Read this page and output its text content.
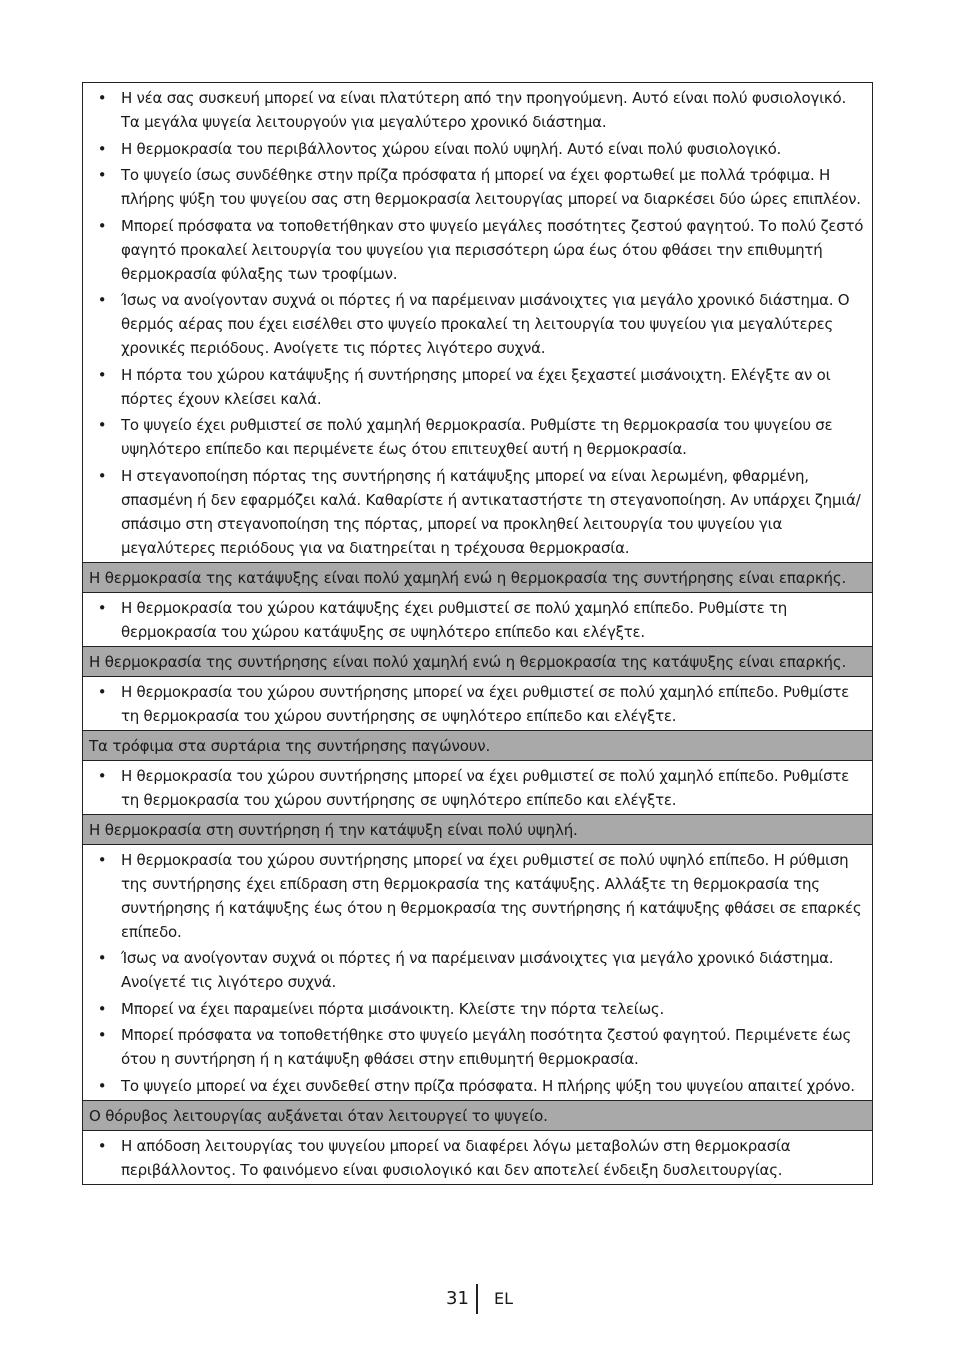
• Η νέα σας συσκευή μπορεί να είναι πλατύτερη από την προηγούμενη. Αυτό είναι πολύ φυσιολογικό. Τα μεγάλα ψυγεία λειτουργούν για μεγαλύτερο χρονικό διάστημα.
• Η θερμοκρασία του περιβάλλοντος χώρου είναι πολύ υψηλή. Αυτό είναι πολύ φυσιολογικό.
• Το ψυγείο ίσως συνδέθηκε στην πρίζα πρόσφατα ή μπορεί να έχει φορτωθεί με πολλά τρόφιμα. Η πλήρης ψύξη του ψυγείου σας στη θερμοκρασία λειτουργίας μπορεί να διαρκέσει δύο ώρες επιπλέον.
• Μπορεί πρόσφατα να τοποθετήθηκαν στο ψυγείο μεγάλες ποσότητες ζεστού φαγητού. Το πολύ ζεστό φαγητό προκαλεί λειτουργία του ψυγείου για περισσότερη ώρα έως ότου φθάσει την επιθυμητή θερμοκρασία φύλαξης των τροφίμων.
• Ίσως να ανοίγονταν συχνά οι πόρτες ή να παρέμειναν μισάνοιχτες για μεγάλο χρονικό διάστημα. Ο θερμός αέρας που έχει εισέλθει στο ψυγείο προκαλεί τη λειτουργία του ψυγείου για μεγαλύτερες χρονικές περιόδους. Ανοίγετε τις πόρτες λιγότερο συχνά.
• Η πόρτα του χώρου κατάψυξης ή συντήρησης μπορεί να έχει ξεχαστεί μισάνοιχτη. Ελέγξτε αν οι πόρτες έχουν κλείσει καλά.
• Το ψυγείο έχει ρυθμιστεί σε πολύ χαμηλή θερμοκρασία. Ρυθμίστε τη θερμοκρασία του ψυγείου σε υψηλότερο επίπεδο και περιμένετε έως ότου επιτευχθεί αυτή η θερμοκρασία.
• Η στεγανοποίηση πόρτας της συντήρησης ή κατάψυξης μπορεί να είναι λερωμένη, φθαρμένη, σπασμένη ή δεν εφαρμόζει καλά. Καθαρίστε ή αντικαταστήστε τη στεγανοποίηση. Αν υπάρχει ζημιά/ σπάσιμο στη στεγανοποίηση της πόρτας, μπορεί να προκληθεί λειτουργία του ψυγείου για μεγαλύτερες περιόδους για να διατηρείται η τρέχουσα θερμοκρασία.
Η θερμοκρασία της κατάψυξης είναι πολύ χαμηλή ενώ η θερμοκρασία της συντήρησης είναι επαρκής.
• Η θερμοκρασία του χώρου κατάψυξης έχει ρυθμιστεί σε πολύ χαμηλό επίπεδο. Ρυθμίστε τη θερμοκρασία του χώρου κατάψυξης σε υψηλότερο επίπεδο και ελέγξτε.
Η θερμοκρασία της συντήρησης είναι πολύ χαμηλή ενώ η θερμοκρασία της κατάψυξης είναι επαρκής.
• Η θερμοκρασία του χώρου συντήρησης μπορεί να έχει ρυθμιστεί σε πολύ χαμηλό επίπεδο. Ρυθμίστε τη θερμοκρασία του χώρου συντήρησης σε υψηλότερο επίπεδο και ελέγξτε.
Τα τρόφιμα στα συρτάρια της συντήρησης παγώνουν.
• Η θερμοκρασία του χώρου συντήρησης μπορεί να έχει ρυθμιστεί σε πολύ χαμηλό επίπεδο. Ρυθμίστε τη θερμοκρασία του χώρου συντήρησης σε υψηλότερο επίπεδο και ελέγξτε.
Η θερμοκρασία στη συντήρηση ή την κατάψυξη είναι πολύ υψηλή.
• Η θερμοκρασία του χώρου συντήρησης μπορεί να έχει ρυθμιστεί σε πολύ υψηλό επίπεδο. Η ρύθμιση της συντήρησης έχει επίδραση στη θερμοκρασία της κατάψυξης. Αλλάξτε τη θερμοκρασία της συντήρησης ή κατάψυξης έως ότου η θερμοκρασία της συντήρησης ή κατάψυξης φθάσει σε επαρκές επίπεδο.
• Ίσως να ανοίγονταν συχνά οι πόρτες ή να παρέμειναν μισάνοιχτες για μεγάλο χρονικό διάστημα. Ανοίγετέ τις λιγότερο συχνά.
• Μπορεί να έχει παραμείνει πόρτα μισάνοικτη. Κλείστε την πόρτα τελείως.
• Μπορεί πρόσφατα να τοποθετήθηκε στο ψυγείο μεγάλη ποσότητα ζεστού φαγητού. Περιμένετε έως ότου η συντήρηση ή η κατάψυξη φθάσει στην επιθυμητή θερμοκρασία.
• Το ψυγείο μπορεί να έχει συνδεθεί στην πρίζα πρόσφατα. Η πλήρης ψύξη του ψυγείου απαιτεί χρόνο.
Ο θόρυβος λειτουργίας αυξάνεται όταν λειτουργεί το ψυγείο.
• Η απόδοση λειτουργίας του ψυγείου μπορεί να διαφέρει λόγω μεταβολών στη θερμοκρασία περιβάλλοντος. Το φαινόμενο είναι φυσιολογικό και δεν αποτελεί ένδειξη δυσλειτουργίας.
31 EL
